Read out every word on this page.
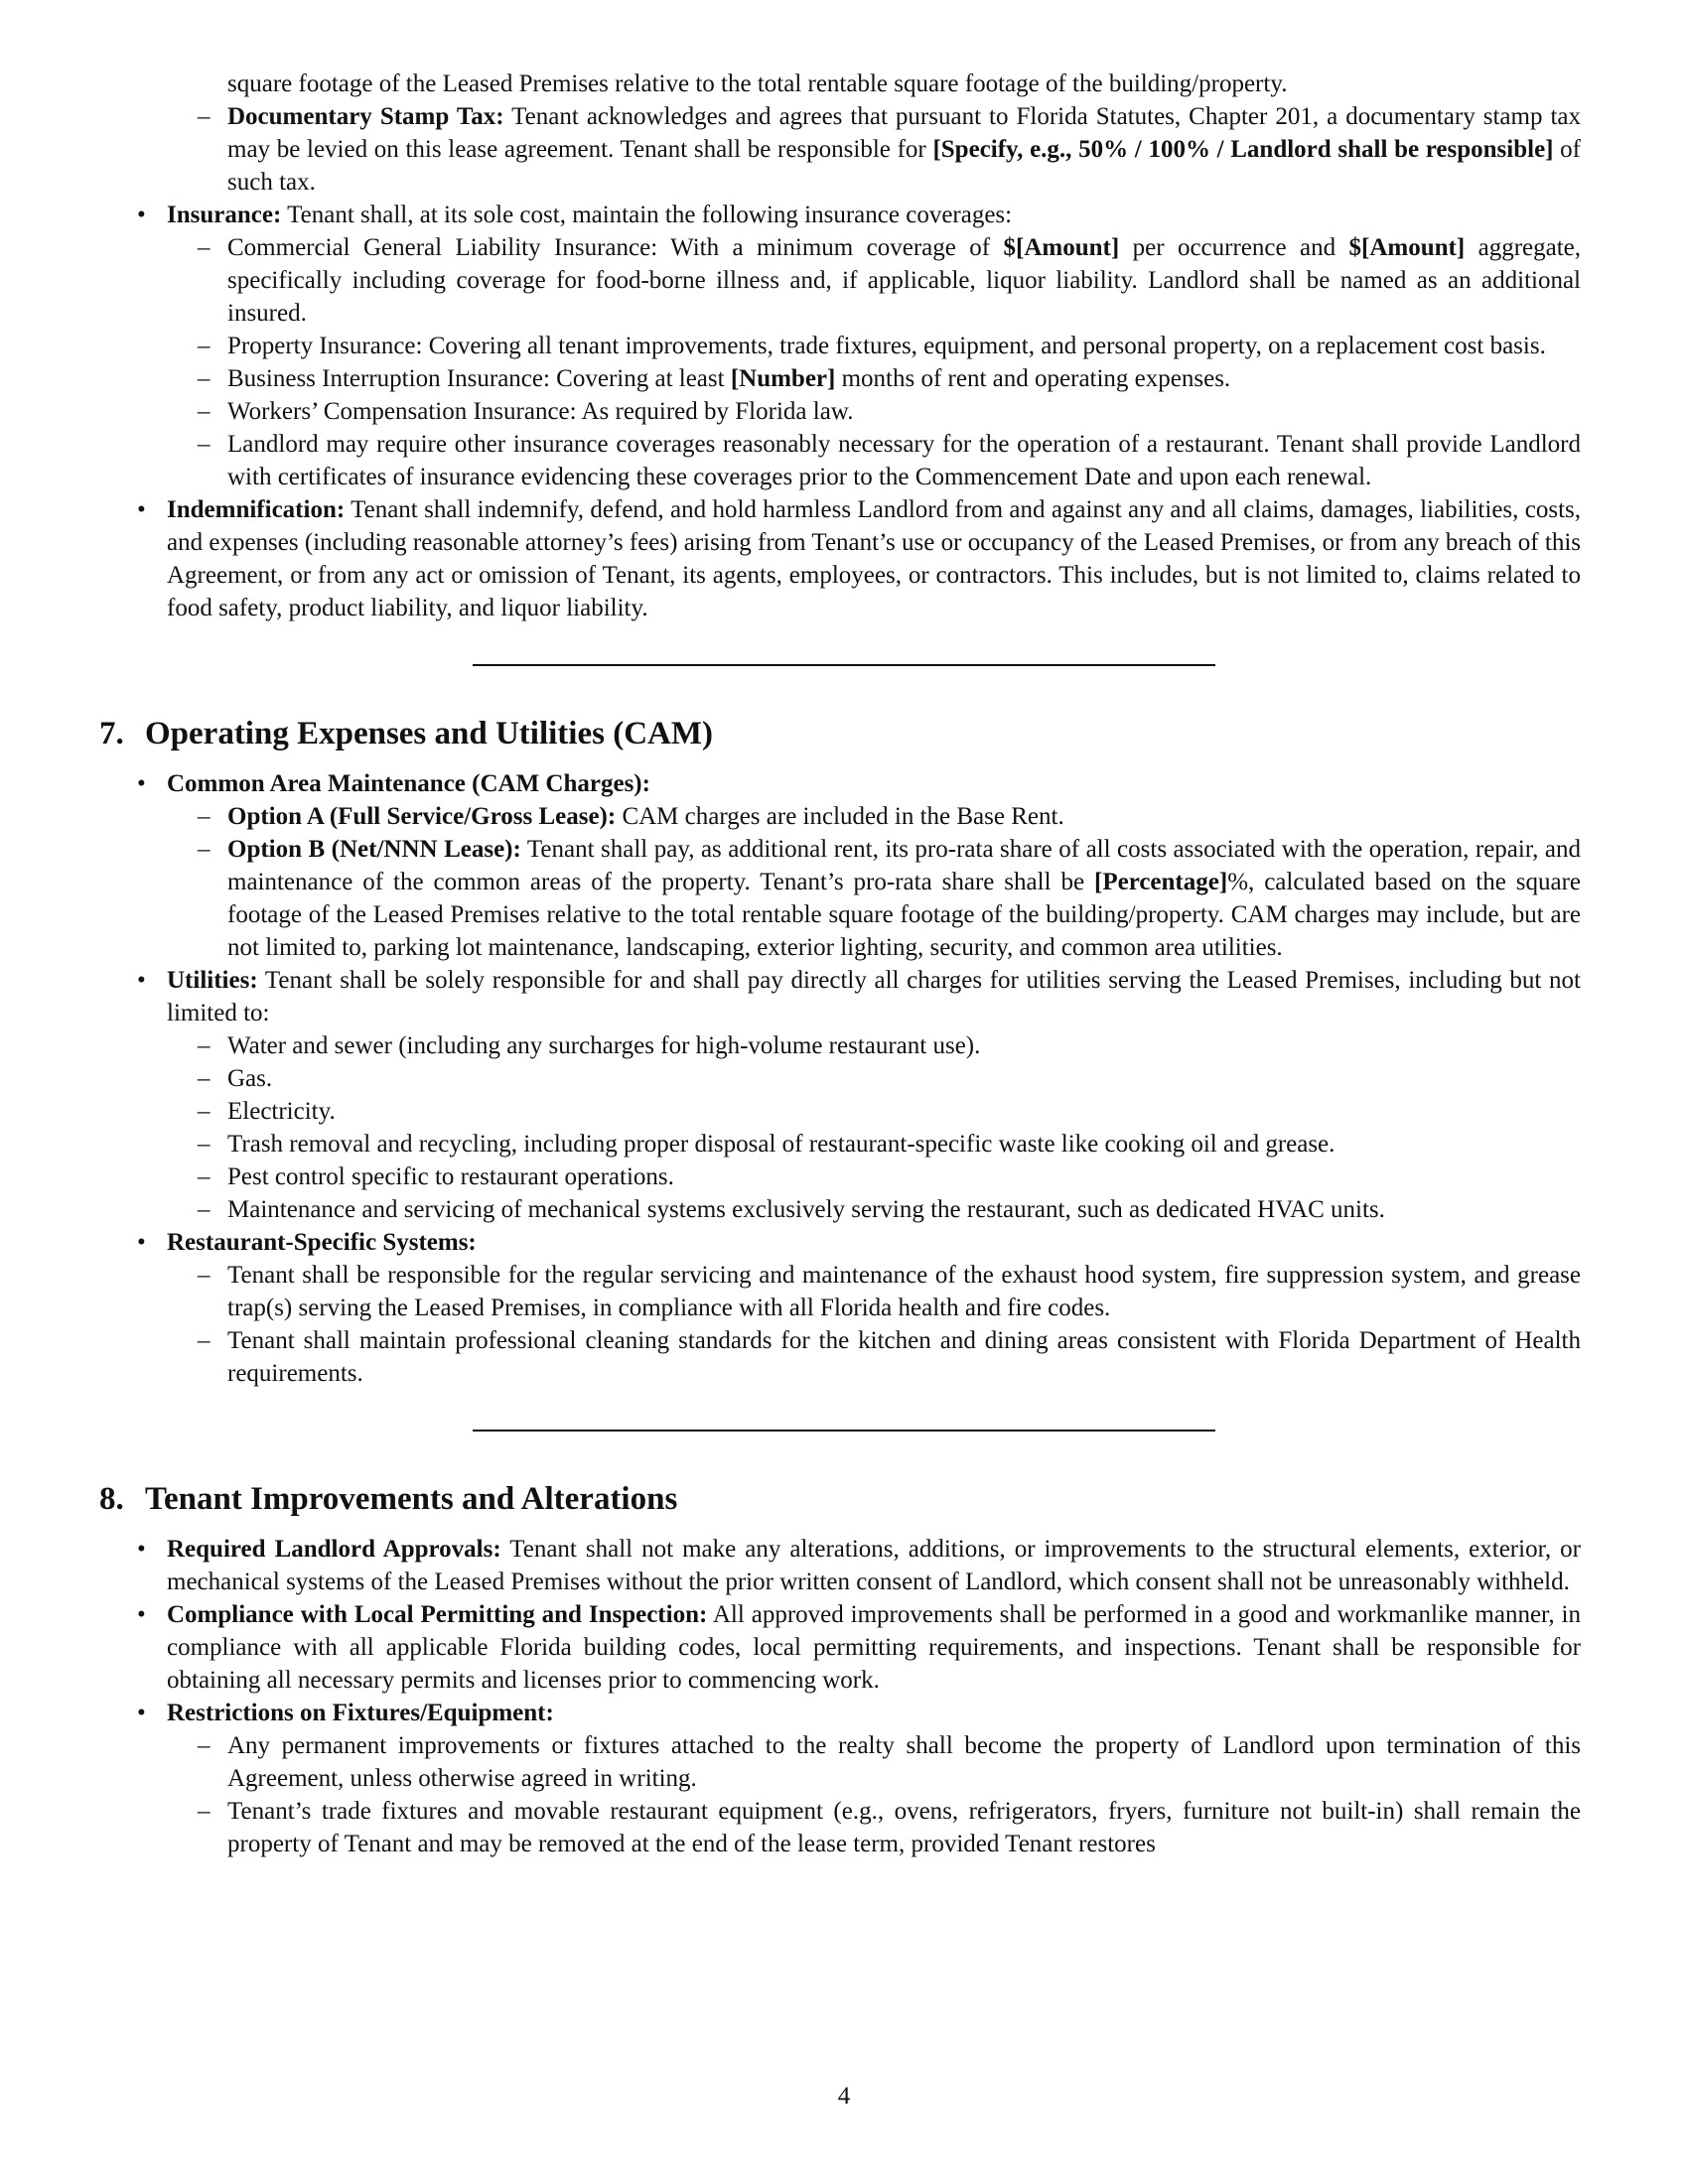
square footage of the Leased Premises relative to the total rentable square footage of the building/property.
– Documentary Stamp Tax: Tenant acknowledges and agrees that pursuant to Florida Statutes, Chapter 201, a documentary stamp tax may be levied on this lease agreement. Tenant shall be responsible for [Specify, e.g., 50% / 100% / Landlord shall be responsible] of such tax.
• Insurance: Tenant shall, at its sole cost, maintain the following insurance coverages:
– Commercial General Liability Insurance: With a minimum coverage of $[Amount] per occurrence and $[Amount] aggregate, specifically including coverage for food-borne illness and, if applicable, liquor liability. Landlord shall be named as an additional insured.
– Property Insurance: Covering all tenant improvements, trade fixtures, equipment, and personal property, on a replacement cost basis.
– Business Interruption Insurance: Covering at least [Number] months of rent and operating expenses.
– Workers’ Compensation Insurance: As required by Florida law.
– Landlord may require other insurance coverages reasonably necessary for the operation of a restaurant. Tenant shall provide Landlord with certificates of insurance evidencing these coverages prior to the Commencement Date and upon each renewal.
• Indemnification: Tenant shall indemnify, defend, and hold harmless Landlord from and against any and all claims, damages, liabilities, costs, and expenses (including reasonable attorney’s fees) arising from Tenant’s use or occupancy of the Leased Premises, or from any breach of this Agreement, or from any act or omission of Tenant, its agents, employees, or contractors. This includes, but is not limited to, claims related to food safety, product liability, and liquor liability.
7. Operating Expenses and Utilities (CAM)
• Common Area Maintenance (CAM Charges):
– Option A (Full Service/Gross Lease): CAM charges are included in the Base Rent.
– Option B (Net/NNN Lease): Tenant shall pay, as additional rent, its pro-rata share of all costs associated with the operation, repair, and maintenance of the common areas of the property. Tenant’s pro-rata share shall be [Percentage]%, calculated based on the square footage of the Leased Premises relative to the total rentable square footage of the building/property. CAM charges may include, but are not limited to, parking lot maintenance, landscaping, exterior lighting, security, and common area utilities.
• Utilities: Tenant shall be solely responsible for and shall pay directly all charges for utilities serving the Leased Premises, including but not limited to:
– Water and sewer (including any surcharges for high-volume restaurant use).
– Gas.
– Electricity.
– Trash removal and recycling, including proper disposal of restaurant-specific waste like cooking oil and grease.
– Pest control specific to restaurant operations.
– Maintenance and servicing of mechanical systems exclusively serving the restaurant, such as dedicated HVAC units.
• Restaurant-Specific Systems:
– Tenant shall be responsible for the regular servicing and maintenance of the exhaust hood system, fire suppression system, and grease trap(s) serving the Leased Premises, in compliance with all Florida health and fire codes.
– Tenant shall maintain professional cleaning standards for the kitchen and dining areas consistent with Florida Department of Health requirements.
8. Tenant Improvements and Alterations
• Required Landlord Approvals: Tenant shall not make any alterations, additions, or improvements to the structural elements, exterior, or mechanical systems of the Leased Premises without the prior written consent of Landlord, which consent shall not be unreasonably withheld.
• Compliance with Local Permitting and Inspection: All approved improvements shall be performed in a good and workmanlike manner, in compliance with all applicable Florida building codes, local permitting requirements, and inspections. Tenant shall be responsible for obtaining all necessary permits and licenses prior to commencing work.
• Restrictions on Fixtures/Equipment:
– Any permanent improvements or fixtures attached to the realty shall become the property of Landlord upon termination of this Agreement, unless otherwise agreed in writing.
– Tenant’s trade fixtures and movable restaurant equipment (e.g., ovens, refrigerators, fryers, furniture not built-in) shall remain the property of Tenant and may be removed at the end of the lease term, provided Tenant restores
4
